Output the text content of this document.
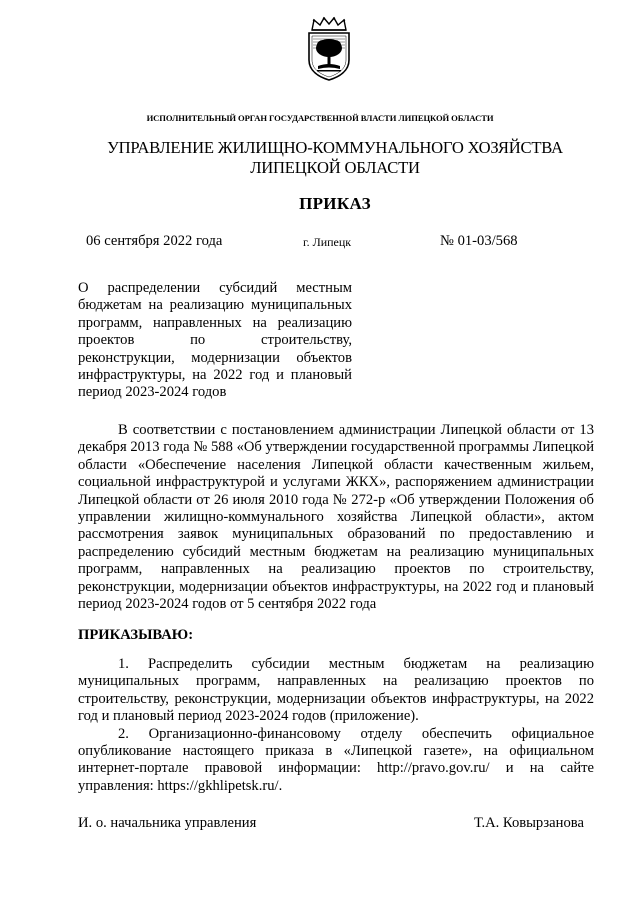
ИСПОЛНИТЕЛЬНЫЙ ОРГАН ГОСУДАРСТВЕННОЙ ВЛАСТИ ЛИПЕЦКОЙ ОБЛАСТИ
УПРАВЛЕНИЕ ЖИЛИЩНО-КОММУНАЛЬНОГО ХОЗЯЙСТВА
ЛИПЕЦКОЙ ОБЛАСТИ
ПРИКАЗ
06 сентября 2022 года	г. Липецк	№ 01-03/568
О распределении субсидий местным
бюджетам на реализацию муниципальных
программ, направленных на реализацию
проектов по строительству,
реконструкции, модернизации объектов
инфраструктуры, на 2022 год и плановый
период 2023-2024 годов

В соответствии с постановлением администрации Липецкой области от 13 декабря 2013 года № 588 «Об утверждении государственной программы Липецкой области «Обеспечение населения Липецкой области качественным жильем, социальной инфраструктурой и услугами ЖКХ», распоряжением администрации Липецкой области от 26 июля 2010 года № 272-р «Об утверждении Положения об управлении жилищно-коммунального хозяйства Липецкой области», актом рассмотрения заявок муниципальных образований по предоставлению и распределению субсидий местным бюджетам на реализацию муниципальных программ, направленных на реализацию проектов по строительству, реконструкции, модернизации объектов инфраструктуры, на 2022 год и плановый период 2023-2024 годов от 5 сентября 2022 года

ПРИКАЗЫВАЮ:

1. Распределить субсидии местным бюджетам на реализацию муниципальных программ, направленных на реализацию проектов по строительству, реконструкции, модернизации объектов инфраструктуры, на 2022 год и плановый период 2023-2024 годов (приложение).

2. Организационно-финансовому отделу обеспечить официальное опубликование настоящего приказа в «Липецкой газете», на официальном интернет-портале правовой информации: http://pravo.gov.ru/ и на сайте управления: https://gkhlipetsk.ru/.

И. о. начальника управления	Т.А. Ковырзанова
